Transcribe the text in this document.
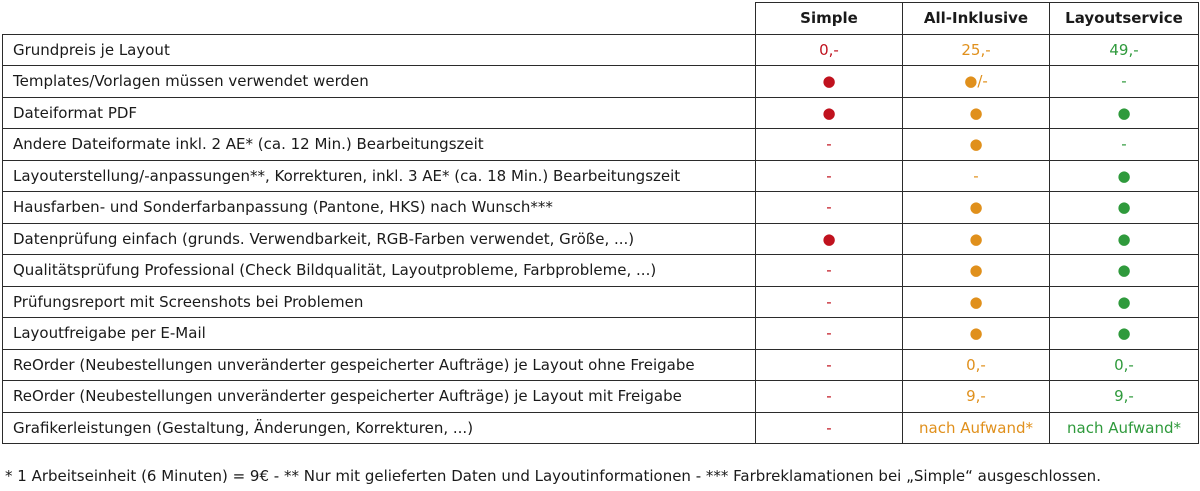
	Simple	All-Inklusive	Layoutservice
Grundpreis je Layout	0,-	25,-	49,-
Templates/Vorlagen müssen verwendet werden	●	●/-	-
Dateiformat PDF	●	●	●
Andere Dateiformate inkl. 2 AE* (ca. 12 Min.) Bearbeitungszeit	-	●	-
Layouterstellung/-anpassungen**, Korrekturen, inkl. 3 AE* (ca. 18 Min.) Bearbeitungszeit	-	-	●
Hausfarben- und Sonderfarbanpassung (Pantone, HKS) nach Wunsch***	-	●	●
Datenprüfung einfach (grunds. Verwendbarkeit, RGB-Farben verwendet, Größe, ...)	●	●	●
Qualitätsprüfung Professional (Check Bildqualität, Layoutprobleme, Farbprobleme, ...)	-	●	●
Prüfungsreport mit Screenshots bei Problemen	-	●	●
Layoutfreigabe per E-Mail	-	●	●
ReOrder (Neubestellungen unveränderter gespeicherter Aufträge) je Layout ohne Freigabe	-	0,-	0,-
ReOrder (Neubestellungen unveränderter gespeicherter Aufträge) je Layout mit Freigabe	-	9,-	9,-
Grafikerleistungen (Gestaltung, Änderungen, Korrekturen, ...)	-	nach Aufwand*	nach Aufwand*
* 1 Arbeitseinheit (6 Minuten) = 9€ - ** Nur mit gelieferten Daten und Layoutinformationen - *** Farbreklamationen bei „Simple“ ausgeschlossen.
